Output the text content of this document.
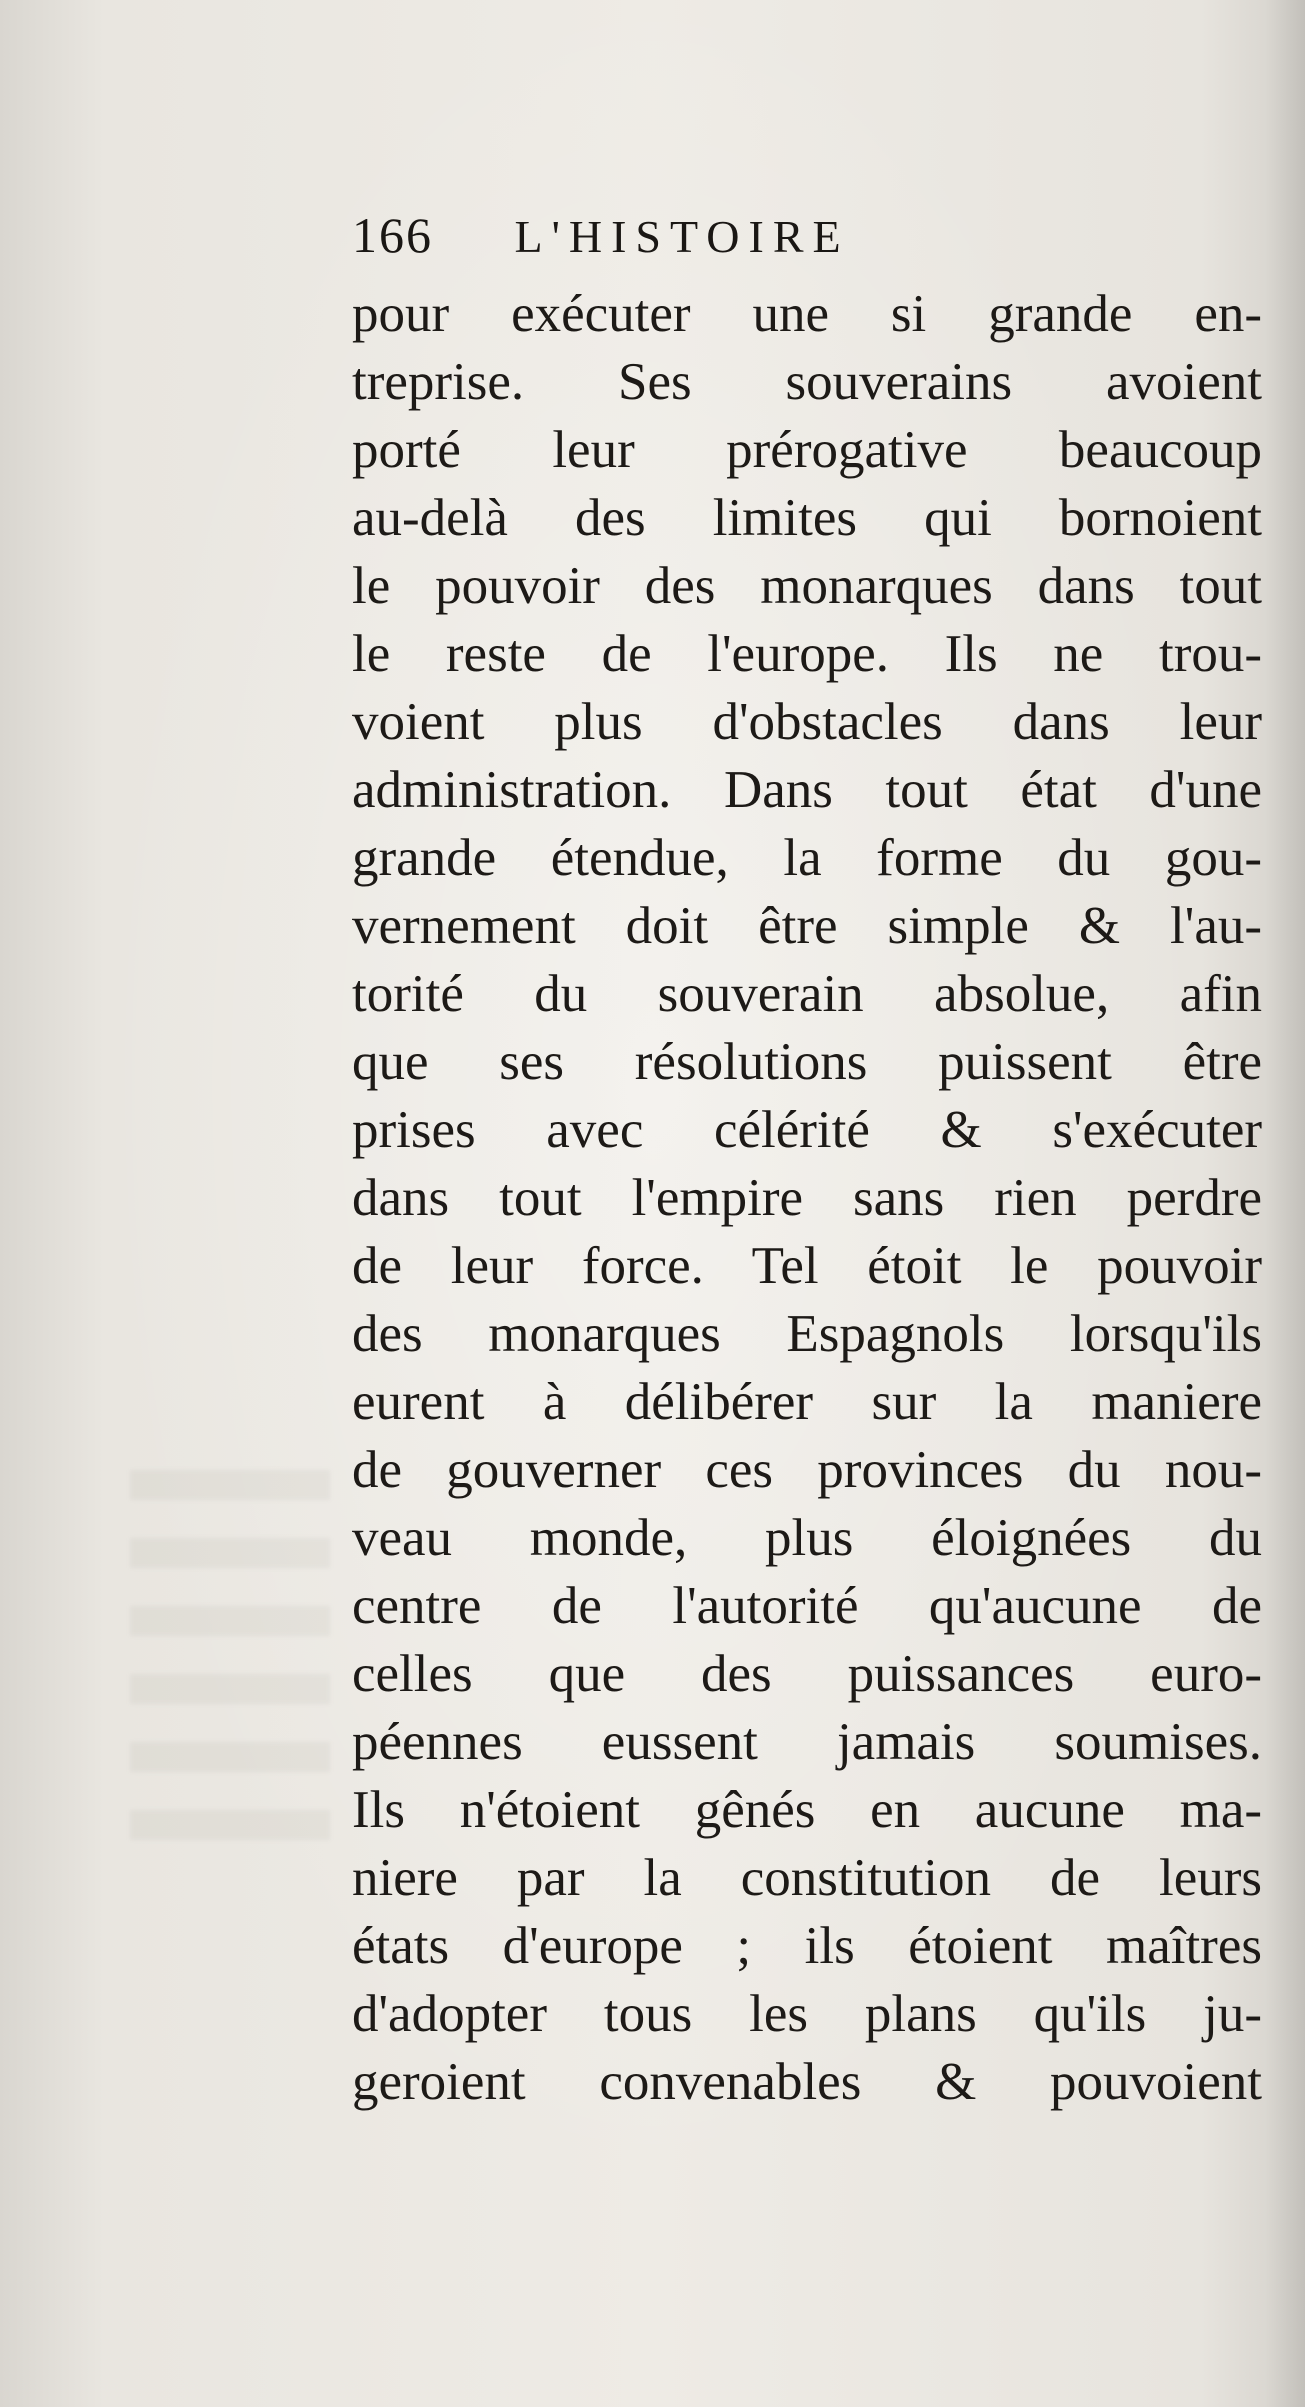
166 L'HISTOIRE
pour exécuter une si grande en-
treprise. Ses souverains avoient
porté leur prérogative beaucoup
au-delà des limites qui bornoient
le pouvoir des monarques dans tout
le reste de l'europe. Ils ne trou-
voient plus d'obstacles dans leur
administration. Dans tout état d'une
grande étendue, la forme du gou-
vernement doit être simple & l'au-
torité du souverain absolue, afin
que ses résolutions puissent être
prises avec célérité & s'exécuter
dans tout l'empire sans rien perdre
de leur force. Tel étoit le pouvoir
des monarques Espagnols lorsqu'ils
eurent à délibérer sur la maniere
de gouverner ces provinces du nou-
veau monde, plus éloignées du
centre de l'autorité qu'aucune de
celles que des puissances euro-
péennes eussent jamais soumises.
Ils n'étoient gênés en aucune ma-
niere par la constitution de leurs
états d'europe ; ils étoient maîtres
d'adopter tous les plans qu'ils ju-
geroient convenables & pouvoient
